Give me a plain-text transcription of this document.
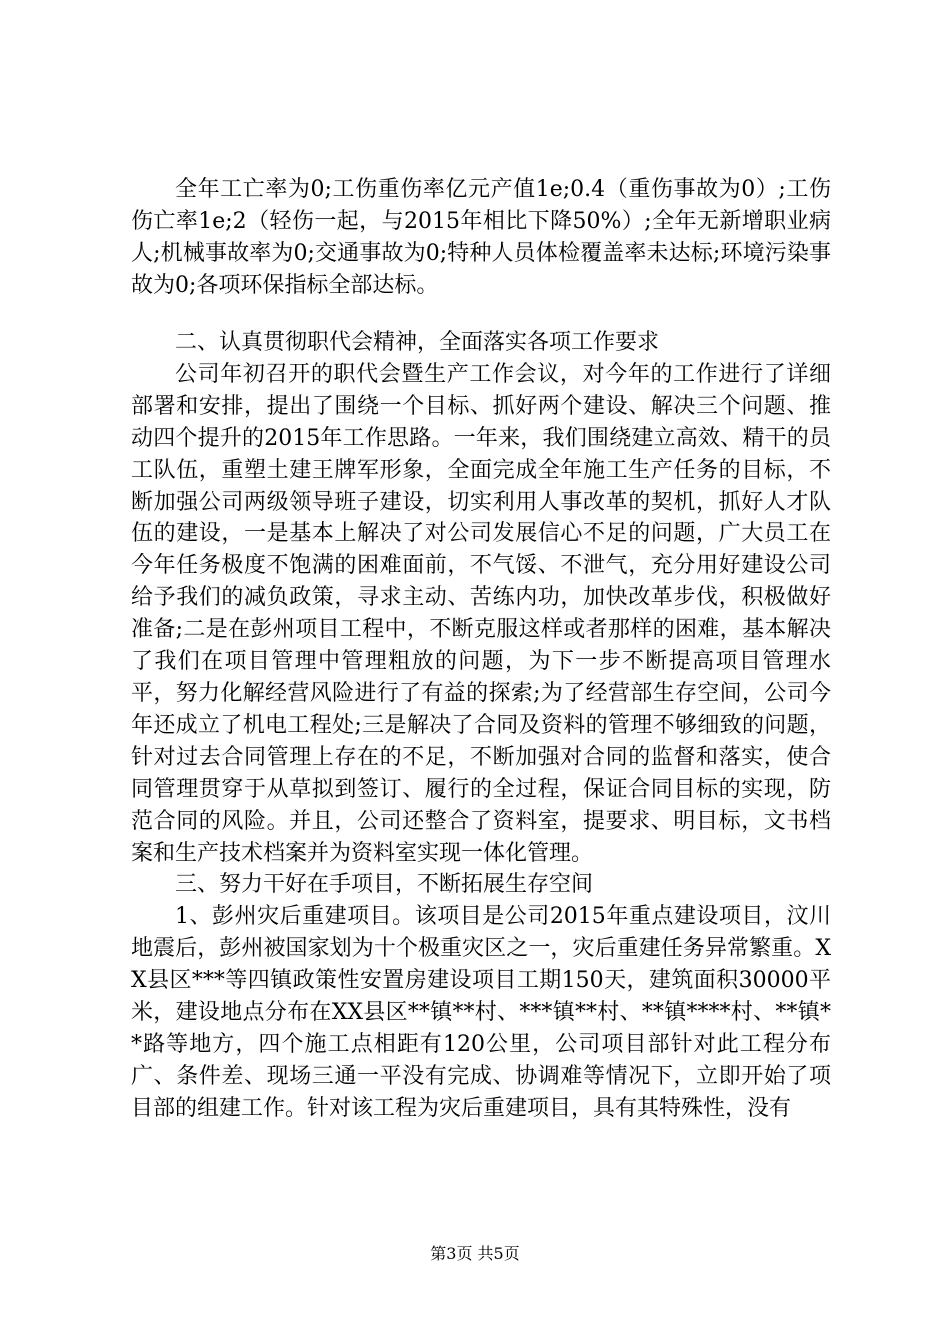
全年工亡率为0;工伤重伤率亿元产值1e;0.4（重伤事故为0）;工伤伤亡率1e;2（轻伤一起，与2015年相比下降50%）;全年无新增职业病人;机械事故率为0;交通事故为0;特种人员体检覆盖率未达标;环境污染事故为0;各项环保指标全部达标。

二、认真贯彻职代会精神，全面落实各项工作要求

公司年初召开的职代会暨生产工作会议，对今年的工作进行了详细部署和安排，提出了围绕一个目标、抓好两个建设、解决三个问题、推动四个提升的2015年工作思路。一年来，我们围绕建立高效、精干的员工队伍，重塑土建王牌军形象，全面完成全年施工生产任务的目标，不断加强公司两级领导班子建设，切实利用人事改革的契机，抓好人才队伍的建设，一是基本上解决了对公司发展信心不足的问题，广大员工在今年任务极度不饱满的困难面前，不气馁、不泄气，充分用好建设公司给予我们的减负政策，寻求主动、苦练内功，加快改革步伐，积极做好准备;二是在彭州项目工程中，不断克服这样或者那样的困难，基本解决了我们在项目管理中管理粗放的问题，为下一步不断提高项目管理水平，努力化解经营风险进行了有益的探索;为了经营部生存空间，公司今年还成立了机电工程处;三是解决了合同及资料的管理不够细致的问题，针对过去合同管理上存在的不足，不断加强对合同的监督和落实，使合同管理贯穿于从草拟到签订、履行的全过程，保证合同目标的实现，防范合同的风险。并且，公司还整合了资料室，提要求、明目标，文书档案和生产技术档案并为资料室实现一体化管理。

三、努力干好在手项目，不断拓展生存空间

1、彭州灾后重建项目。该项目是公司2015年重点建设项目，汶川地震后，彭州被国家划为十个极重灾区之一，灾后重建任务异常繁重。XX县区***等四镇政策性安置房建设项目工期150天，建筑面积30000平米，建设地点分布在XX县区**镇**村、***镇**村、**镇****村、**镇**路等地方，四个施工点相距有120公里，公司项目部针对此工程分布广、条件差、现场三通一平没有完成、协调难等情况下，立即开始了项目部的组建工作。针对该工程为灾后重建项目，具有其特殊性，没有

第3页 共5页
